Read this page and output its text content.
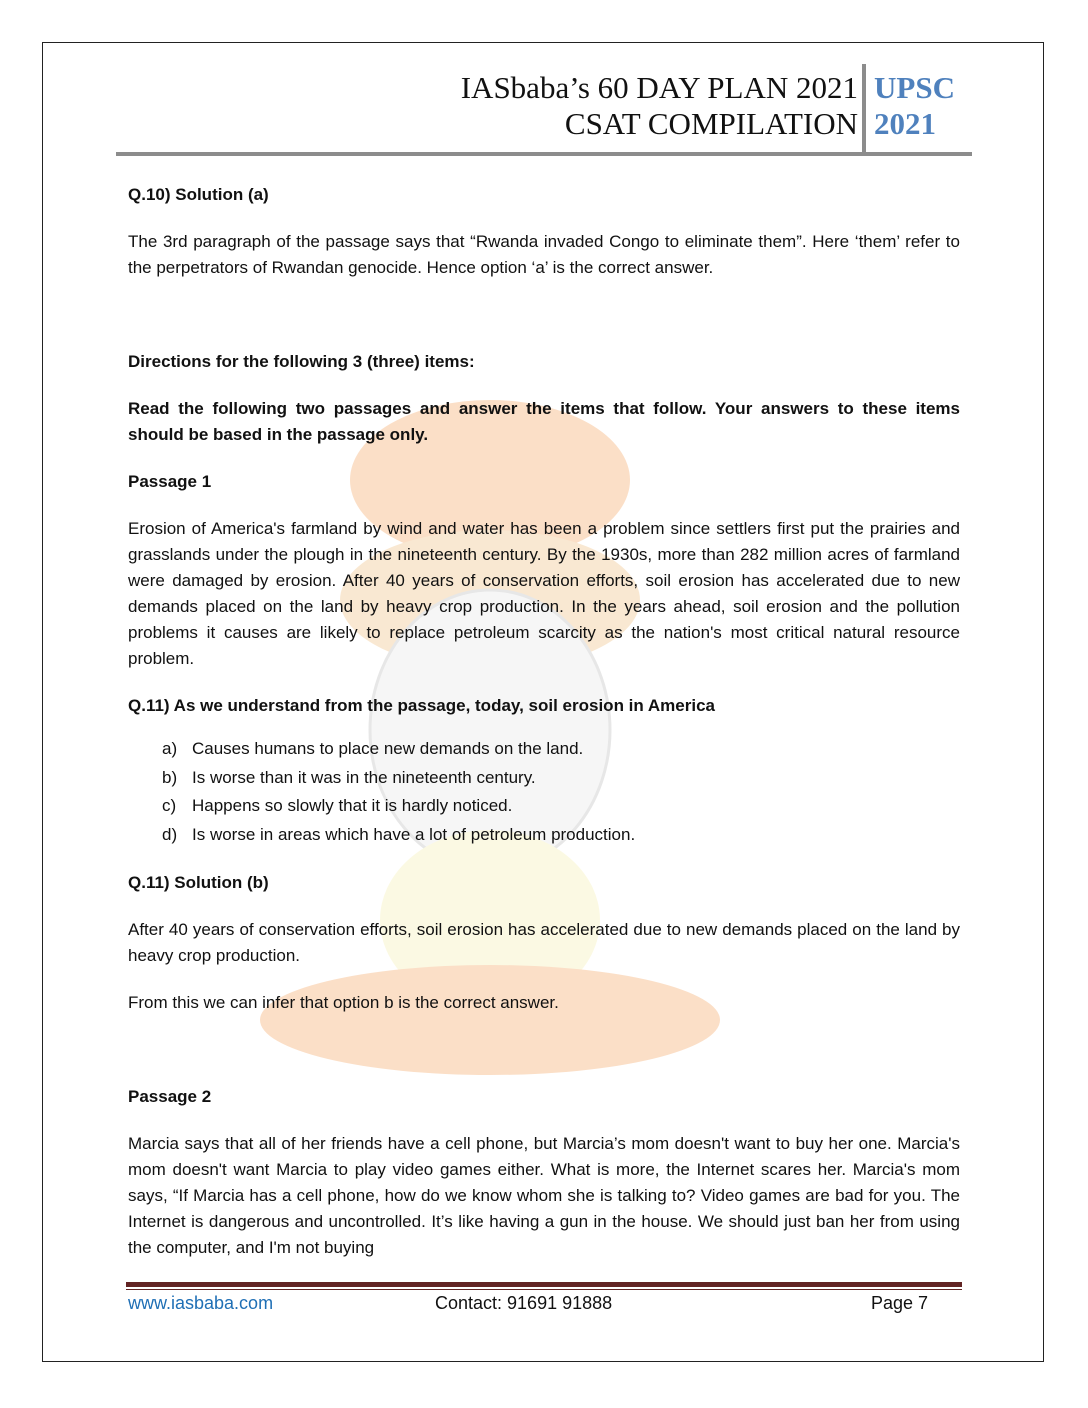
IASbaba’s 60 DAY PLAN 2021
CSAT COMPILATION
UPSC
2021

Q.10) Solution (a)

The 3rd paragraph of the passage says that “Rwanda invaded Congo to eliminate them”. Here ‘them’ refer to the perpetrators of Rwandan genocide. Hence option ‘a’ is the correct answer.

Directions for the following 3 (three) items:

Read the following two passages and answer the items that follow. Your answers to these items should be based in the passage only.

Passage 1

Erosion of America's farmland by wind and water has been a problem since settlers first put the prairies and grasslands under the plough in the nineteenth century. By the 1930s, more than 282 million acres of farmland were damaged by erosion. After 40 years of conservation efforts, soil erosion has accelerated due to new demands placed on the land by heavy crop production. In the years ahead, soil erosion and the pollution problems it causes are likely to replace petroleum scarcity as the nation's most critical natural resource problem.

Q.11) As we understand from the passage, today, soil erosion in America

a) Causes humans to place new demands on the land.
b) Is worse than it was in the nineteenth century.
c) Happens so slowly that it is hardly noticed.
d) Is worse in areas which have a lot of petroleum production.

Q.11) Solution (b)

After 40 years of conservation efforts, soil erosion has accelerated due to new demands placed on the land by heavy crop production.

From this we can infer that option b is the correct answer.

Passage 2

Marcia says that all of her friends have a cell phone, but Marcia’s mom doesn't want to buy her one. Marcia's mom doesn't want Marcia to play video games either. What is more, the Internet scares her. Marcia's mom says, “If Marcia has a cell phone, how do we know whom she is talking to? Video games are bad for you. The Internet is dangerous and uncontrolled. It’s like having a gun in the house. We should just ban her from using the computer, and I'm not buying

www.iasbaba.com	Contact: 91691 91888	Page 7
